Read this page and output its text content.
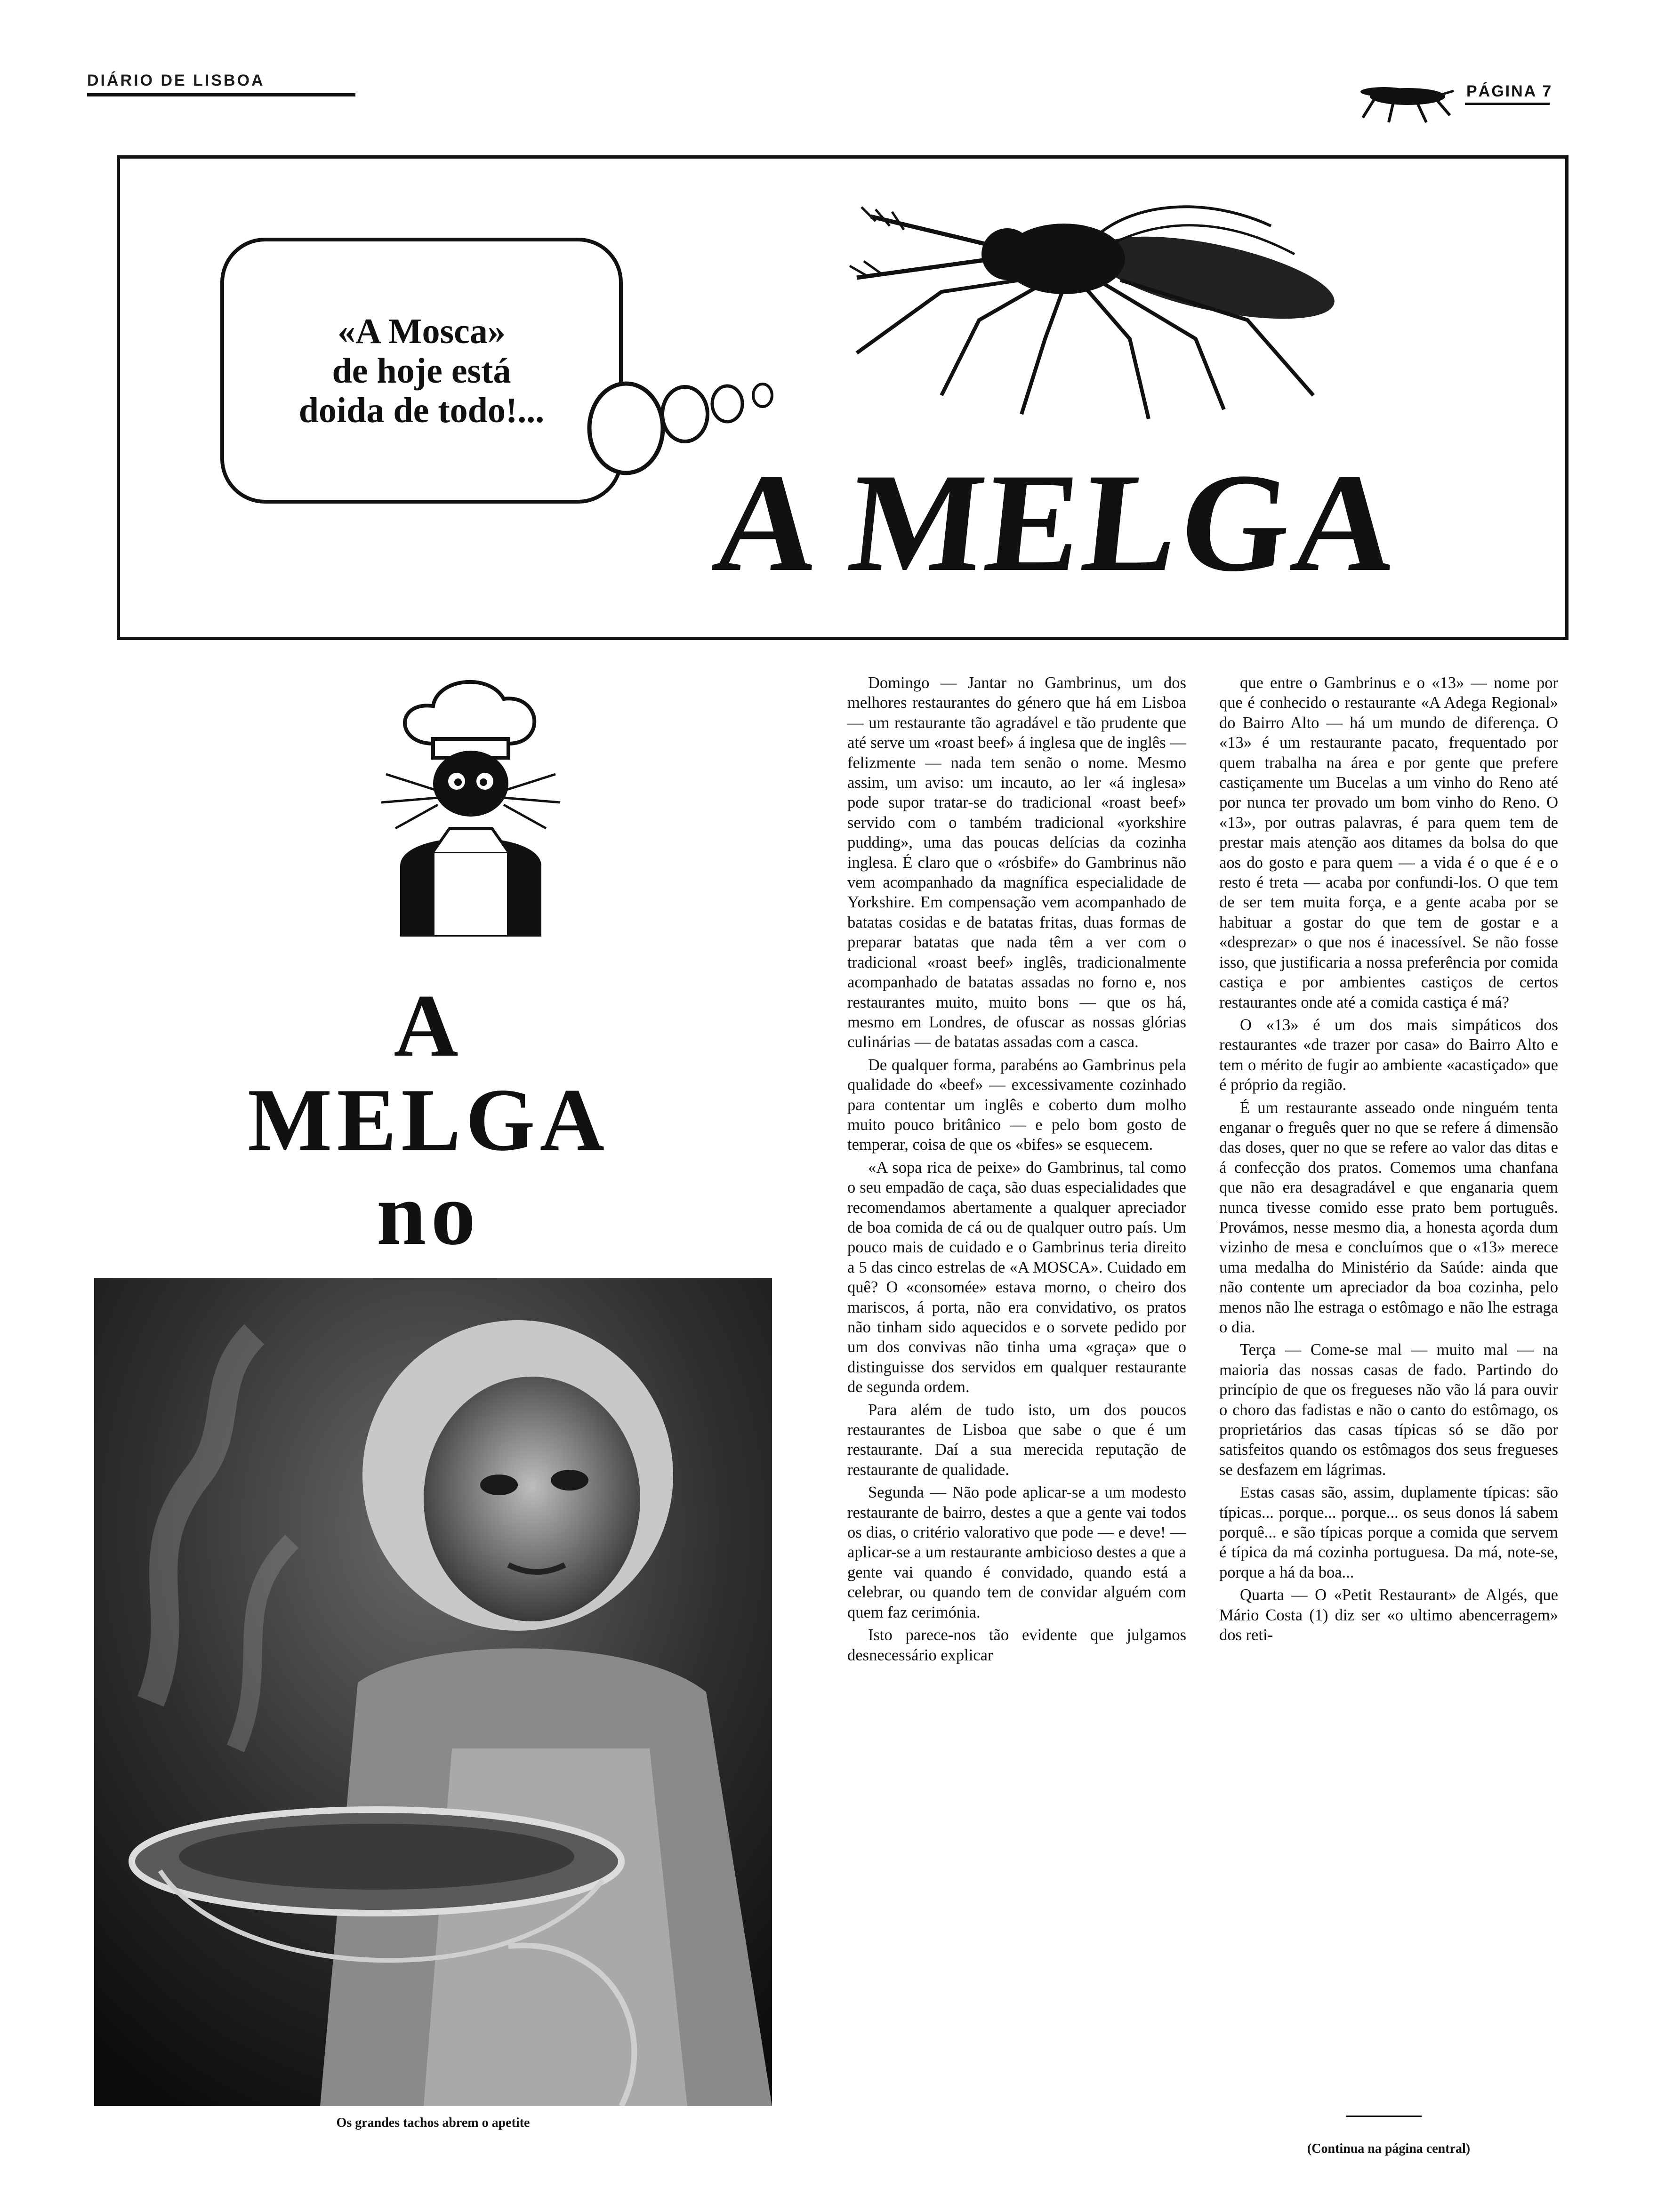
DIÁRIO DE LISBOA
PÁGINA 7
«A Mosca»
de hoje está
doida de todo!...
A MELGA
A MELGA
no
Os grandes tachos abrem o apetite

Domingo — Jantar no Gambrinus, um dos melhores restaurantes do género que há em Lisboa — um restaurante tão agradável e tão prudente que até serve um «roast beef» á inglesa que de inglês — felizmente — nada tem senão o nome. Mesmo assim, um aviso: um incauto, ao ler «á inglesa» pode supor tratar-se do tradicional «roast beef» servido com o também tradicional «yorkshire pudding», uma das poucas delícias da cozinha inglesa. É claro que o «rósbife» do Gambrinus não vem acompanhado da magnífica especialidade de Yorkshire. Em compensação vem acompanhado de batatas cosidas e de batatas fritas, duas formas de preparar batatas que nada têm a ver com o tradicional «roast beef» inglês, tradicionalmente acompanhado de batatas assadas no forno e, nos restaurantes muito, muito bons — que os há, mesmo em Londres, de ofuscar as nossas glórias culinárias — de batatas assadas com a casca.

De qualquer forma, parabéns ao Gambrinus pela qualidade do «beef» — excessivamente cozinhado para contentar um inglês e coberto dum molho muito pouco britânico — e pelo bom gosto de temperar, coisa de que os «bifes» se esquecem.

«A sopa rica de peixe» do Gambrinus, tal como o seu empadão de caça, são duas especialidades que recomendamos abertamente a qualquer apreciador de boa comida de cá ou de qualquer outro país. Um pouco mais de cuidado e o Gambrinus teria direito a 5 das cinco estrelas de «A MOSCA». Cuidado em quê? O «consomée» estava morno, o cheiro dos mariscos, á porta, não era convidativo, os pratos não tinham sido aquecidos e o sorvete pedido por um dos convivas não tinha uma «graça» que o distinguisse dos servidos em qualquer restaurante de segunda ordem.

Para além de tudo isto, um dos poucos restaurantes de Lisboa que sabe o que é um restaurante. Daí a sua merecida reputação de restaurante de qualidade.

Segunda — Não pode aplicar-se a um modesto restaurante de bairro, destes a que a gente vai todos os dias, o critério valorativo que pode — e deve! — aplicar-se a um restaurante ambicioso destes a que a gente vai quando é convidado, quando está a celebrar, ou quando tem de convidar alguém com quem faz cerimónia.

Isto parece-nos tão evidente que julgamos desnecessário explicar

que entre o Gambrinus e o «13» — nome por que é conhecido o restaurante «A Adega Regional» do Bairro Alto — há um mundo de diferença. O «13» é um restaurante pacato, frequentado por quem trabalha na área e por gente que prefere castiçamente um Bucelas a um vinho do Reno até por nunca ter provado um bom vinho do Reno. O «13», por outras palavras, é para quem tem de prestar mais atenção aos ditames da bolsa do que aos do gosto e para quem — a vida é o que é e o resto é treta — acaba por confundi-los. O que tem de ser tem muita força, e a gente acaba por se habituar a gostar do que tem de gostar e a «desprezar» o que nos é inacessível. Se não fosse isso, que justificaria a nossa preferência por comida castiça e por ambientes castiços de certos restaurantes onde até a comida castiça é má?

O «13» é um dos mais simpáticos dos restaurantes «de trazer por casa» do Bairro Alto e tem o mérito de fugir ao ambiente «acastiçado» que é próprio da região.

É um restaurante asseado onde ninguém tenta enganar o freguês quer no que se refere á dimensão das doses, quer no que se refere ao valor das ditas e á confecção dos pratos. Comemos uma chanfana que não era desagradável e que enganaria quem nunca tivesse comido esse prato bem português. Provámos, nesse mesmo dia, a honesta açorda dum vizinho de mesa e concluímos que o «13» merece uma medalha do Ministério da Saúde: ainda que não contente um apreciador da boa cozinha, pelo menos não lhe estraga o estômago e não lhe estraga o dia.

Terça — Come-se mal — muito mal — na maioria das nossas casas de fado. Partindo do princípio de que os fregueses não vão lá para ouvir o choro das fadistas e não o canto do estômago, os proprietários das casas típicas só se dão por satisfeitos quando os estômagos dos seus fregueses se desfazem em lágrimas.

Estas casas são, assim, duplamente típicas: são típicas... porque... porque... os seus donos lá sabem porquê... e são típicas porque a comida que servem é típica da má cozinha portuguesa. Da má, note-se, porque a há da boa...

Quarta — O «Petit Restaurant» de Algés, que Mário Costa (1) diz ser «o ultimo abencerragem» dos reti-

(Continua na página central)
